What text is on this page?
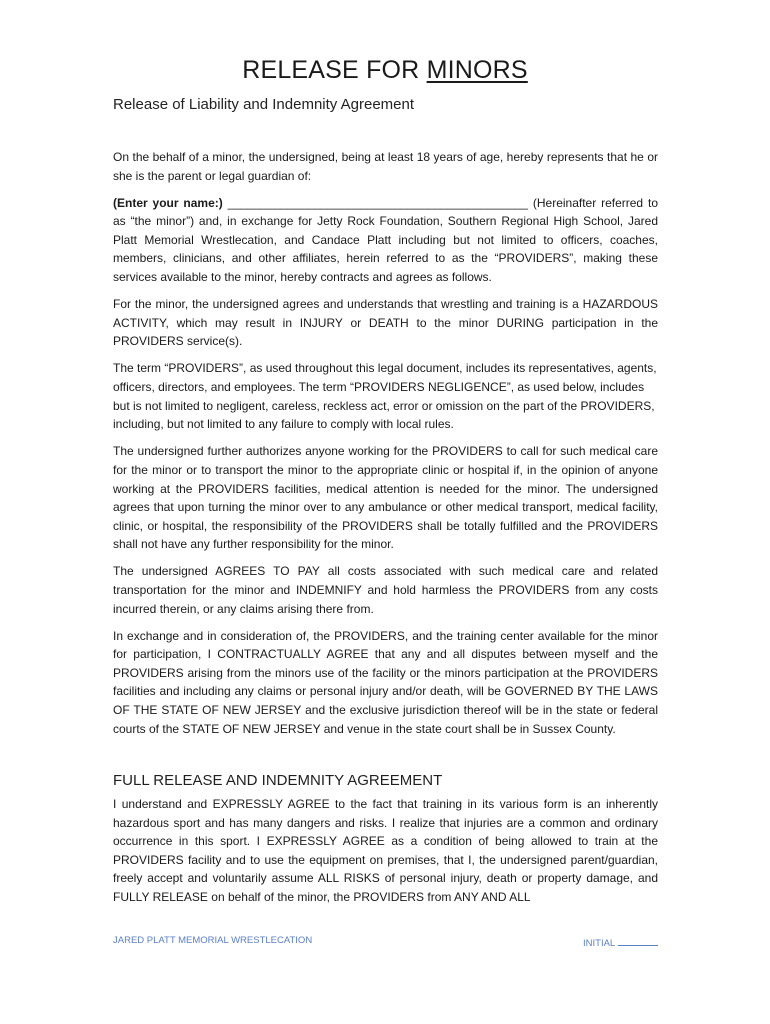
RELEASE FOR MINORS
Release of Liability and Indemnity Agreement

On the behalf of a minor, the undersigned, being at least 18 years of age, hereby represents that he or she is the parent or legal guardian of:

(Enter your name:) _____________________________________________ (Hereinafter referred to as “the minor”) and, in exchange for Jetty Rock Foundation, Southern Regional High School, Jared Platt Memorial Wrestlecation, and Candace Platt including but not limited to officers, coaches, members, clinicians, and other affiliates, herein referred to as the “PROVIDERS”, making these services available to the minor, hereby contracts and agrees as follows.

For the minor, the undersigned agrees and understands that wrestling and training is a HAZARDOUS ACTIVITY, which may result in INJURY or DEATH to the minor DURING participation in the PROVIDERS service(s).

The term “PROVIDERS”, as used throughout this legal document, includes its representatives, agents, officers, directors, and employees. The term “PROVIDERS NEGLIGENCE”, as used below, includes but is not limited to negligent, careless, reckless act, error or omission on the part of the PROVIDERS, including, but not limited to any failure to comply with local rules.

The undersigned further authorizes anyone working for the PROVIDERS to call for such medical care for the minor or to transport the minor to the appropriate clinic or hospital if, in the opinion of anyone working at the PROVIDERS facilities, medical attention is needed for the minor. The undersigned agrees that upon turning the minor over to any ambulance or other medical transport, medical facility, clinic, or hospital, the responsibility of the PROVIDERS shall be totally fulfilled and the PROVIDERS shall not have any further responsibility for the minor.

The undersigned AGREES TO PAY all costs associated with such medical care and related transportation for the minor and INDEMNIFY and hold harmless the PROVIDERS from any costs incurred therein, or any claims arising there from.

In exchange and in consideration of, the PROVIDERS, and the training center available for the minor for participation, I CONTRACTUALLY AGREE that any and all disputes between myself and the PROVIDERS arising from the minors use of the facility or the minors participation at the PROVIDERS facilities and including any claims or personal injury and/or death, will be GOVERNED BY THE LAWS OF THE STATE OF NEW JERSEY and the exclusive jurisdiction thereof will be in the state or federal courts of the STATE OF NEW JERSEY and venue in the state court shall be in Sussex County.

FULL RELEASE AND INDEMNITY AGREEMENT

I understand and EXPRESSLY AGREE to the fact that training in its various form is an inherently hazardous sport and has many dangers and risks. I realize that injuries are a common and ordinary occurrence in this sport. I EXPRESSLY AGREE as a condition of being allowed to train at the PROVIDERS facility and to use the equipment on premises, that I, the undersigned parent/guardian, freely accept and voluntarily assume ALL RISKS of personal injury, death or property damage, and FULLY RELEASE on behalf of the minor, the PROVIDERS from ANY AND ALL

JARED PLATT MEMORIAL WRESTLECATION	INITIAL
